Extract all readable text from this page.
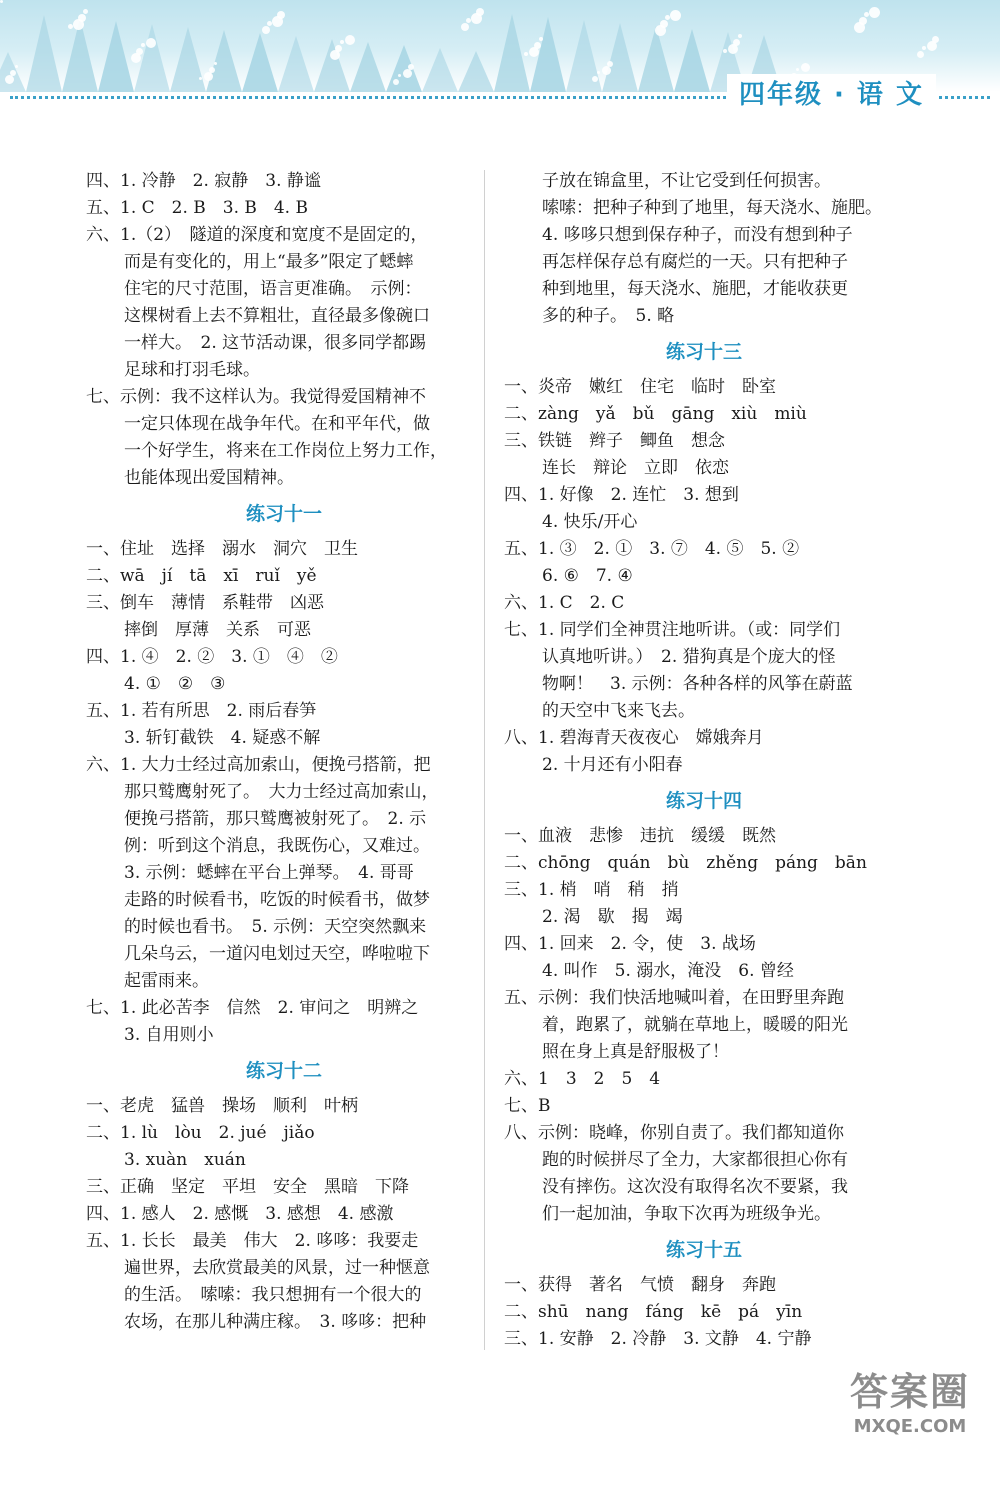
四年级 · 语 文
四、1. 冷静　2. 寂静　3. 静谧
五、1. C　2. B　3. B　4. B
六、1.（2）　隧道的深度和宽度不是固定的，
而是有变化的，用上“最多”限定了蟋蟀
住宅的尺寸范围，语言更准确。　示例：
这棵树看上去不算粗壮，直径最多像碗口
一样大。　2. 这节活动课，很多同学都踢
足球和打羽毛球。
七、示例：我不这样认为。我觉得爱国精神不
一定只体现在战争年代。在和平年代，做
一个好学生，将来在工作岗位上努力工作，
也能体现出爱国精神。
练习十一
一、住址　选择　溺水　洞穴　卫生
二、wā　jí　tā　xī　ruǐ　yě
三、倒车　薄情　系鞋带　凶恶
摔倒　厚薄　关系　可恶
四、1. ④　2. ②　3. ①　④　②
4. ①　②　③
五、1. 若有所思　2. 雨后春笋
3. 斩钉截铁　4. 疑惑不解
六、1. 大力士经过高加索山，便挽弓搭箭，把
那只鹫鹰射死了。　大力士经过高加索山，
便挽弓搭箭，那只鹫鹰被射死了。　2. 示
例：听到这个消息，我既伤心，又难过。
3. 示例：蟋蟀在平台上弹琴。　4. 哥哥
走路的时候看书，吃饭的时候看书，做梦
的时候也看书。　5. 示例：天空突然飘来
几朵乌云，一道闪电划过天空，哗啦啦下
起雷雨来。
七、1. 此必苦李　信然　2. 审问之　明辨之
3. 自用则小
练习十二
一、老虎　猛兽　操场　顺利　叶柄
二、1. lù　lòu　2. jué　jiǎo
3. xuàn　xuán
三、正确　坚定　平坦　安全　黑暗　下降
四、1. 感人　2. 感慨　3. 感想　4. 感激
五、1. 长长　最美　伟大　2. 哆哆：我要走
遍世界，去欣赏最美的风景，过一种惬意
的生活。　嗦嗦：我只想拥有一个很大的
农场，在那儿种满庄稼。　3. 哆哆：把种
子放在锦盒里，不让它受到任何损害。
嗦嗦：把种子种到了地里，每天浇水、施肥。
4. 哆哆只想到保存种子，而没有想到种子
再怎样保存总有腐烂的一天。只有把种子
种到地里，每天浇水、施肥，才能收获更
多的种子。　5. 略
练习十三
一、炎帝　嫩红　住宅　临时　卧室
二、zàng　yǎ　bǔ　gāng　xiù　miù
三、铁链　辫子　鲫鱼　想念
连长　辩论　立即　依恋
四、1. 好像　2. 连忙　3. 想到
4. 快乐/开心
五、1. ③　2. ①　3. ⑦　4. ⑤　5. ②
6. ⑥　7. ④
六、1. C　2. C
七、1. 同学们全神贯注地听讲。（或：同学们
认真地听讲。）　2. 猎狗真是个庞大的怪
物啊！　3. 示例：各种各样的风筝在蔚蓝
的天空中飞来飞去。
八、1. 碧海青天夜夜心　嫦娥奔月
2. 十月还有小阳春
练习十四
一、血液　悲惨　违抗　缓缓　既然
二、chōng　quán　bù　zhěng　páng　bān
三、1. 梢　哨　稍　捎
2. 渴　歇　揭　竭
四、1. 回来　2. 令，使　3. 战场
4. 叫作　5. 溺水，淹没　6. 曾经
五、示例：我们快活地喊叫着，在田野里奔跑
着，跑累了，就躺在草地上，暖暖的阳光
照在身上真是舒服极了！
六、1　3　2　5　4
七、B
八、示例：晓峰，你别自责了。我们都知道你
跑的时候拼尽了全力，大家都很担心你有
没有摔伤。这次没有取得名次不要紧，我
们一起加油，争取下次再为班级争光。
练习十五
一、获得　著名　气愤　翻身　奔跑
二、shū　nang　fáng　kē　pá　yīn
三、1. 安静　2. 冷静　3. 文静　4. 宁静
答案圈
MXQE.COM
